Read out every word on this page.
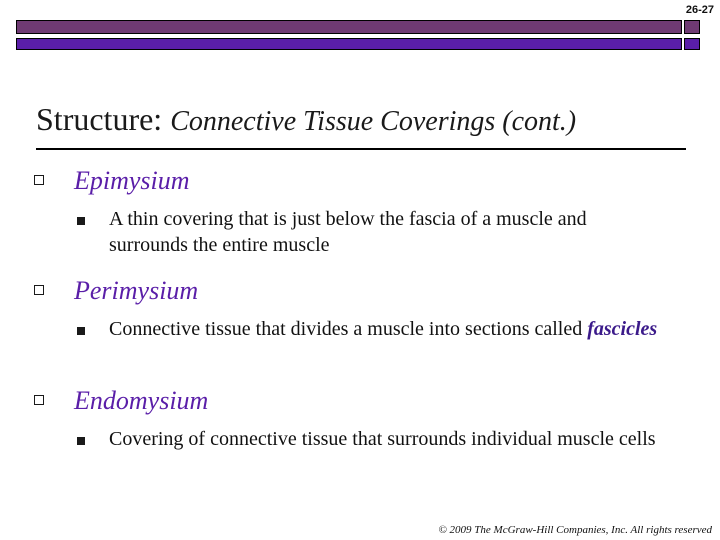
26-27
Structure: Connective Tissue Coverings (cont.)
Epimysium
A thin covering that is just below the fascia of a muscle and surrounds the entire muscle
Perimysium
Connective tissue that divides a muscle into sections called fascicles
Endomysium
Covering of connective tissue that surrounds individual muscle cells
© 2009 The McGraw-Hill Companies, Inc. All rights reserved
